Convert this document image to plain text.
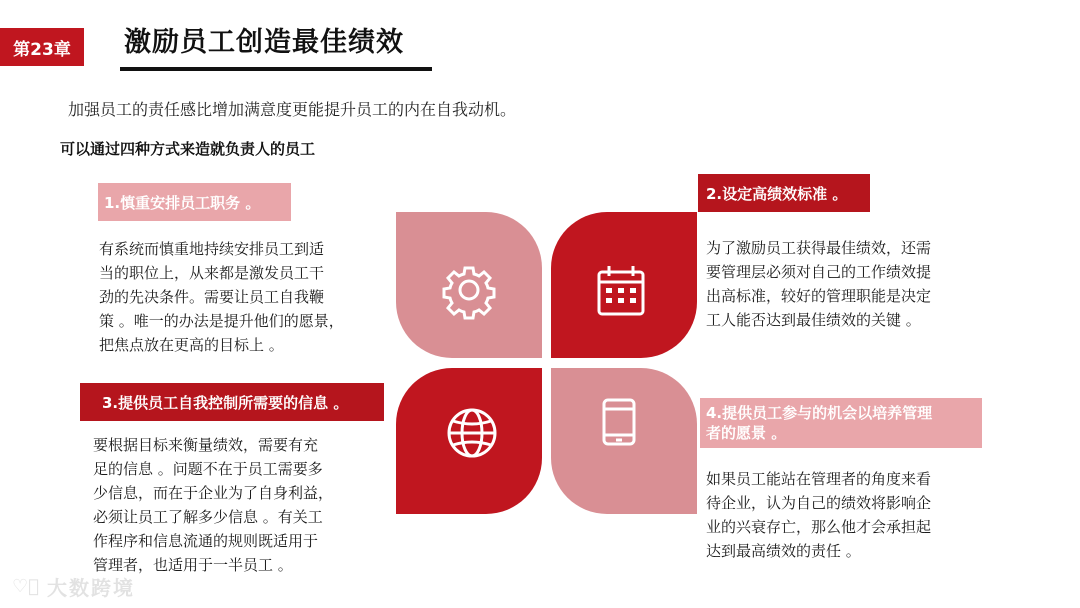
第23章	激励员工创造最佳绩效
加强员工的责任感比增加满意度更能提升员工的内在自我动机。
可以通过四种方式来造就负责人的员工
1.慎重安排员工职务 。
有系统而慎重地持续安排员工到适
当的职位上，从来都是激发员工干
劲的先决条件。需要让员工自我鞭
策 。唯一的办法是提升他们的愿景，
把焦点放在更高的目标上 。
2.设定高绩效标准 。
为了激励员工获得最佳绩效，还需
要管理层必须对自己的工作绩效提
出高标准，较好的管理职能是决定
工人能否达到最佳绩效的关键 。
3.提供员工自我控制所需要的信息 。
要根据目标来衡量绩效，需要有充
足的信息 。问题不在于员工需要多
少信息，而在于企业为了自身利益，
必须让员工了解多少信息 。有关工
作程序和信息流通的规则既适用于
管理者，也适用于一半员工 。
4.提供员工参与的机会以培养管理
者的愿景 。
如果员工能站在管理者的角度来看
待企业，认为自己的绩效将影响企
业的兴衰存亡，那么他才会承担起
达到最高绩效的责任 。
♡⃝ 大数跨境
